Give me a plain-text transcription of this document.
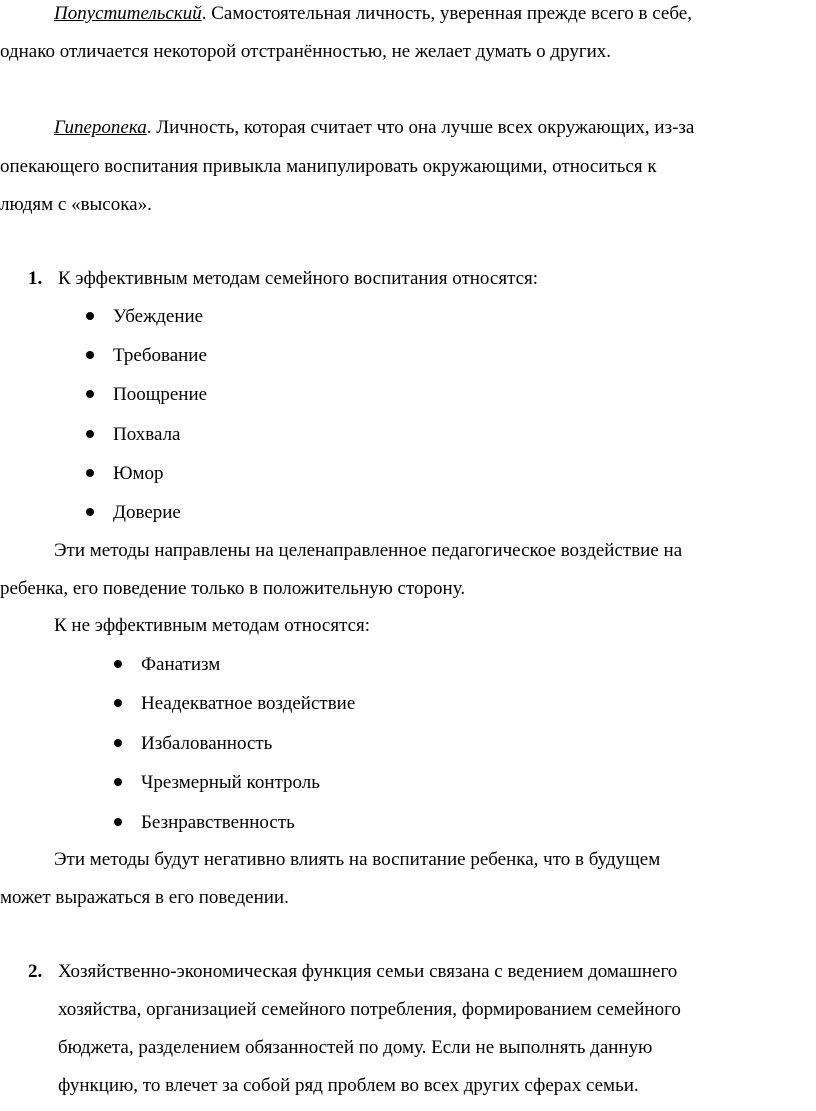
Попустительский. Самостоятельная личность, уверенная прежде всего в себе,
однако отличается некоторой отстранённостью, не желает думать о других.
Гиперопека. Личность, которая считает что она лучше всех окружающих, из-за
опекающего воспитания привыкла манипулировать окружающими, относиться к
людям с «высока».
1. К эффективным методам семейного воспитания относятся:
Убеждение
Требование
Поощрение
Похвала
Юмор
Доверие
Эти методы направлены на целенаправленное педагогическое воздействие на
ребенка, его поведение только в положительную сторону.
К не эффективным методам относятся:
Фанатизм
Неадекватное воздействие
Избалованность
Чрезмерный контроль
Безнравственность
Эти методы будут негативно влиять на воспитание ребенка, что в будущем
может выражаться в его поведении.
2. Хозяйственно-экономическая функция семьи связана с ведением домашнего
хозяйства, организацией семейного потребления, формированием семейного
бюджета, разделением обязанностей по дому. Если не выполнять данную
функцию, то влечет за собой ряд проблем во всех других сферах семьи.
